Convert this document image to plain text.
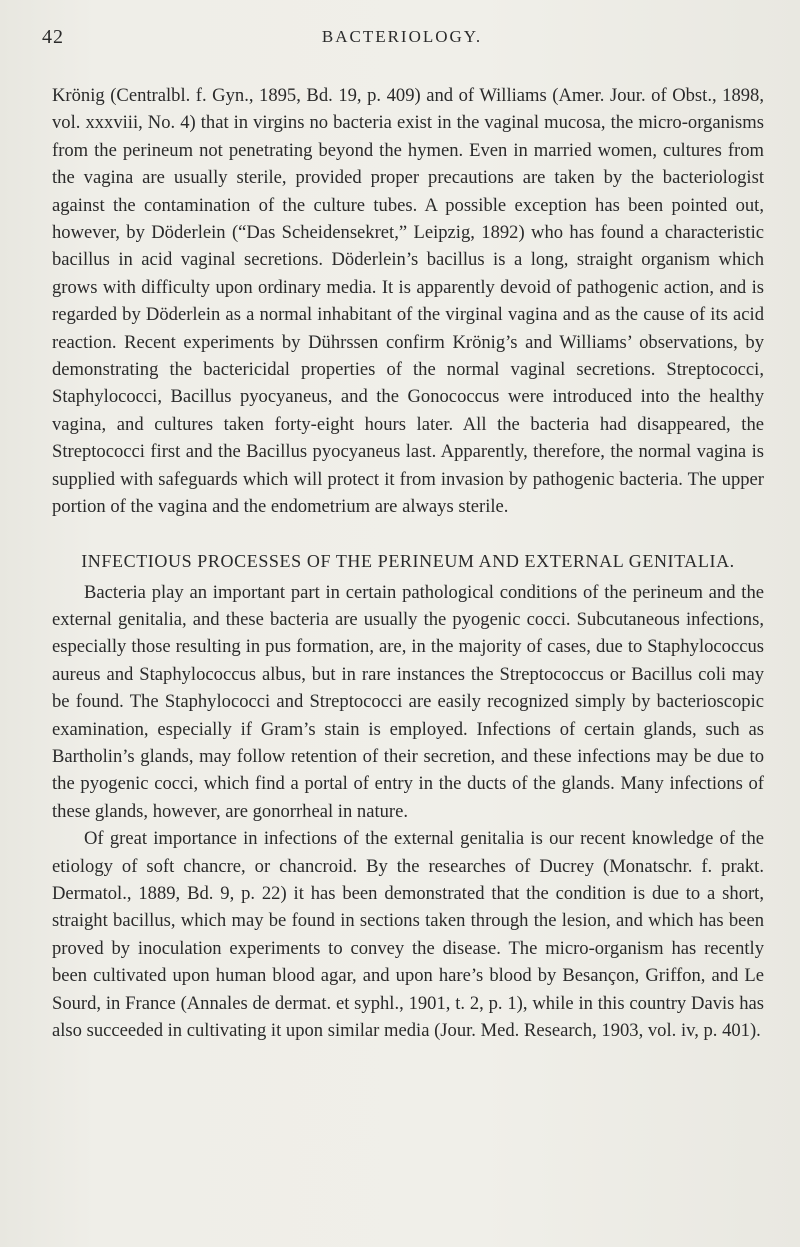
42	BACTERIOLOGY.

Krönig (Centralbl. f. Gyn., 1895, Bd. 19, p. 409) and of Williams (Amer. Jour. of Obst., 1898, vol. xxxviii, No. 4) that in virgins no bacteria exist in the vaginal mucosa, the micro-organisms from the perineum not penetrating beyond the hymen. Even in married women, cultures from the vagina are usually sterile, provided proper precautions are taken by the bacteriologist against the contamination of the culture tubes. A possible exception has been pointed out, however, by Döderlein (“Das Scheidensekret,” Leipzig, 1892) who has found a characteristic bacillus in acid vaginal secretions. Döderlein’s bacillus is a long, straight organism which grows with difficulty upon ordinary media. It is apparently devoid of pathogenic action, and is regarded by Döderlein as a normal inhabitant of the virginal vagina and as the cause of its acid reaction. Recent experiments by Dührssen confirm Krönig’s and Williams’ observations, by demonstrating the bactericidal properties of the normal vaginal secretions. Streptococci, Staphylococci, Bacillus pyocyaneus, and the Gonococcus were introduced into the healthy vagina, and cultures taken forty-eight hours later. All the bacteria had disappeared, the Streptococci first and the Bacillus pyocyaneus last. Apparently, therefore, the normal vagina is supplied with safeguards which will protect it from invasion by pathogenic bacteria. The upper portion of the vagina and the endometrium are always sterile.

INFECTIOUS PROCESSES OF THE PERINEUM AND EXTERNAL GENITALIA.

Bacteria play an important part in certain pathological conditions of the perineum and the external genitalia, and these bacteria are usually the pyogenic cocci. Subcutaneous infections, especially those resulting in pus formation, are, in the majority of cases, due to Staphylococcus aureus and Staphylococcus albus, but in rare instances the Streptococcus or Bacillus coli may be found. The Staphylococci and Streptococci are easily recognized simply by bacterioscopic examination, especially if Gram’s stain is employed. Infections of certain glands, such as Bartholin’s glands, may follow retention of their secretion, and these infections may be due to the pyogenic cocci, which find a portal of entry in the ducts of the glands. Many infections of these glands, however, are gonorrheal in nature.

Of great importance in infections of the external genitalia is our recent knowledge of the etiology of soft chancre, or chancroid. By the researches of Ducrey (Monatschr. f. prakt. Dermatol., 1889, Bd. 9, p. 22) it has been demonstrated that the condition is due to a short, straight bacillus, which may be found in sections taken through the lesion, and which has been proved by inoculation experiments to convey the disease. The micro-organism has recently been cultivated upon human blood agar, and upon hare’s blood by Besançon, Griffon, and Le Sourd, in France (Annales de dermat. et syphl., 1901, t. 2, p. 1), while in this country Davis has also succeeded in cultivating it upon similar media (Jour. Med. Research, 1903, vol. iv, p. 401).
